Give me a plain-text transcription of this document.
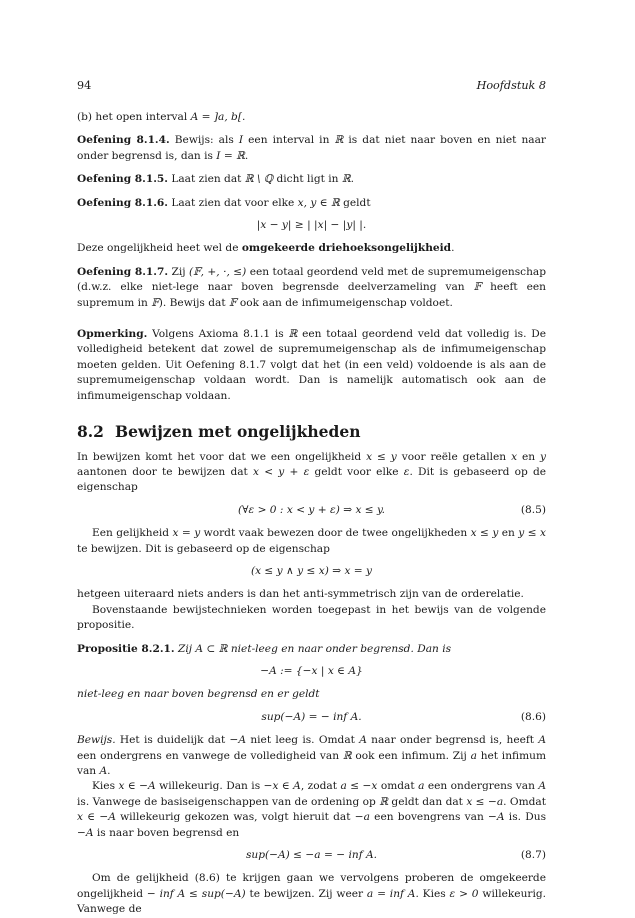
94	Hoofdstuk 8

(b) het open interval A = ]a, b[.

Oefening 8.1.4. Bewijs: als I een interval in ℝ is dat niet naar boven en niet naar onder begrensd is, dan is I = ℝ.

Oefening 8.1.5. Laat zien dat ℝ \ ℚ dicht ligt in ℝ.

Oefening 8.1.6. Laat zien dat voor elke x, y ∈ ℝ geldt

|x − y| ≥ | |x| − |y| |.

Deze ongelijkheid heet wel de omgekeerde driehoeksongelijkheid.

Oefening 8.1.7. Zij (𝔽, +, ·, ≤) een totaal geordend veld met de supremumeigenschap (d.w.z. elke niet-lege naar boven begrensde deelverzameling van 𝔽 heeft een supremum in 𝔽). Bewijs dat 𝔽 ook aan de infimumeigenschap voldoet.

Opmerking. Volgens Axioma 8.1.1 is ℝ een totaal geordend veld dat volledig is. De volledigheid betekent dat zowel de supremumeigenschap als de infimumeigenschap moeten gelden. Uit Oefening 8.1.7 volgt dat het (in een veld) voldoende is als aan de supremumeigenschap voldaan wordt. Dan is namelijk automatisch ook aan de infimumeigenschap voldaan.

8.2 Bewijzen met ongelijkheden

In bewijzen komt het voor dat we een ongelijkheid x ≤ y voor reële getallen x en y aantonen door te bewijzen dat x < y + ε geldt voor elke ε. Dit is gebaseerd op de eigenschap

(∀ε > 0 : x < y + ε) ⇒ x ≤ y.	(8.5)

Een gelijkheid x = y wordt vaak bewezen door de twee ongelijkheden x ≤ y en y ≤ x te bewijzen. Dit is gebaseerd op de eigenschap

(x ≤ y ∧ y ≤ x) ⇒ x = y

hetgeen uiteraard niets anders is dan het anti-symmetrisch zijn van de orderelatie.

Bovenstaande bewijstechnieken worden toegepast in het bewijs van de volgende propositie.

Propositie 8.2.1. Zij A ⊂ ℝ niet-leeg en naar onder begrensd. Dan is

−A := {−x | x ∈ A}

niet-leeg en naar boven begrensd en er geldt

sup(−A) = − inf A.	(8.6)

Bewijs. Het is duidelijk dat −A niet leeg is. Omdat A naar onder begrensd is, heeft A een ondergrens en vanwege de volledigheid van ℝ ook een infimum. Zij a het infimum van A.

Kies x ∈ −A willekeurig. Dan is −x ∈ A, zodat a ≤ −x omdat a een ondergrens van A is. Vanwege de basiseigenschappen van de ordening op ℝ geldt dan dat x ≤ −a. Omdat x ∈ −A willekeurig gekozen was, volgt hieruit dat −a een bovengrens van −A is. Dus −A is naar boven begrensd en

sup(−A) ≤ −a = − inf A.	(8.7)

Om de gelijkheid (8.6) te krijgen gaan we vervolgens proberen de omgekeerde ongelijkheid − inf A ≤ sup(−A) te bewijzen. Zij weer a = inf A. Kies ε > 0 willekeurig. Vanwege de
